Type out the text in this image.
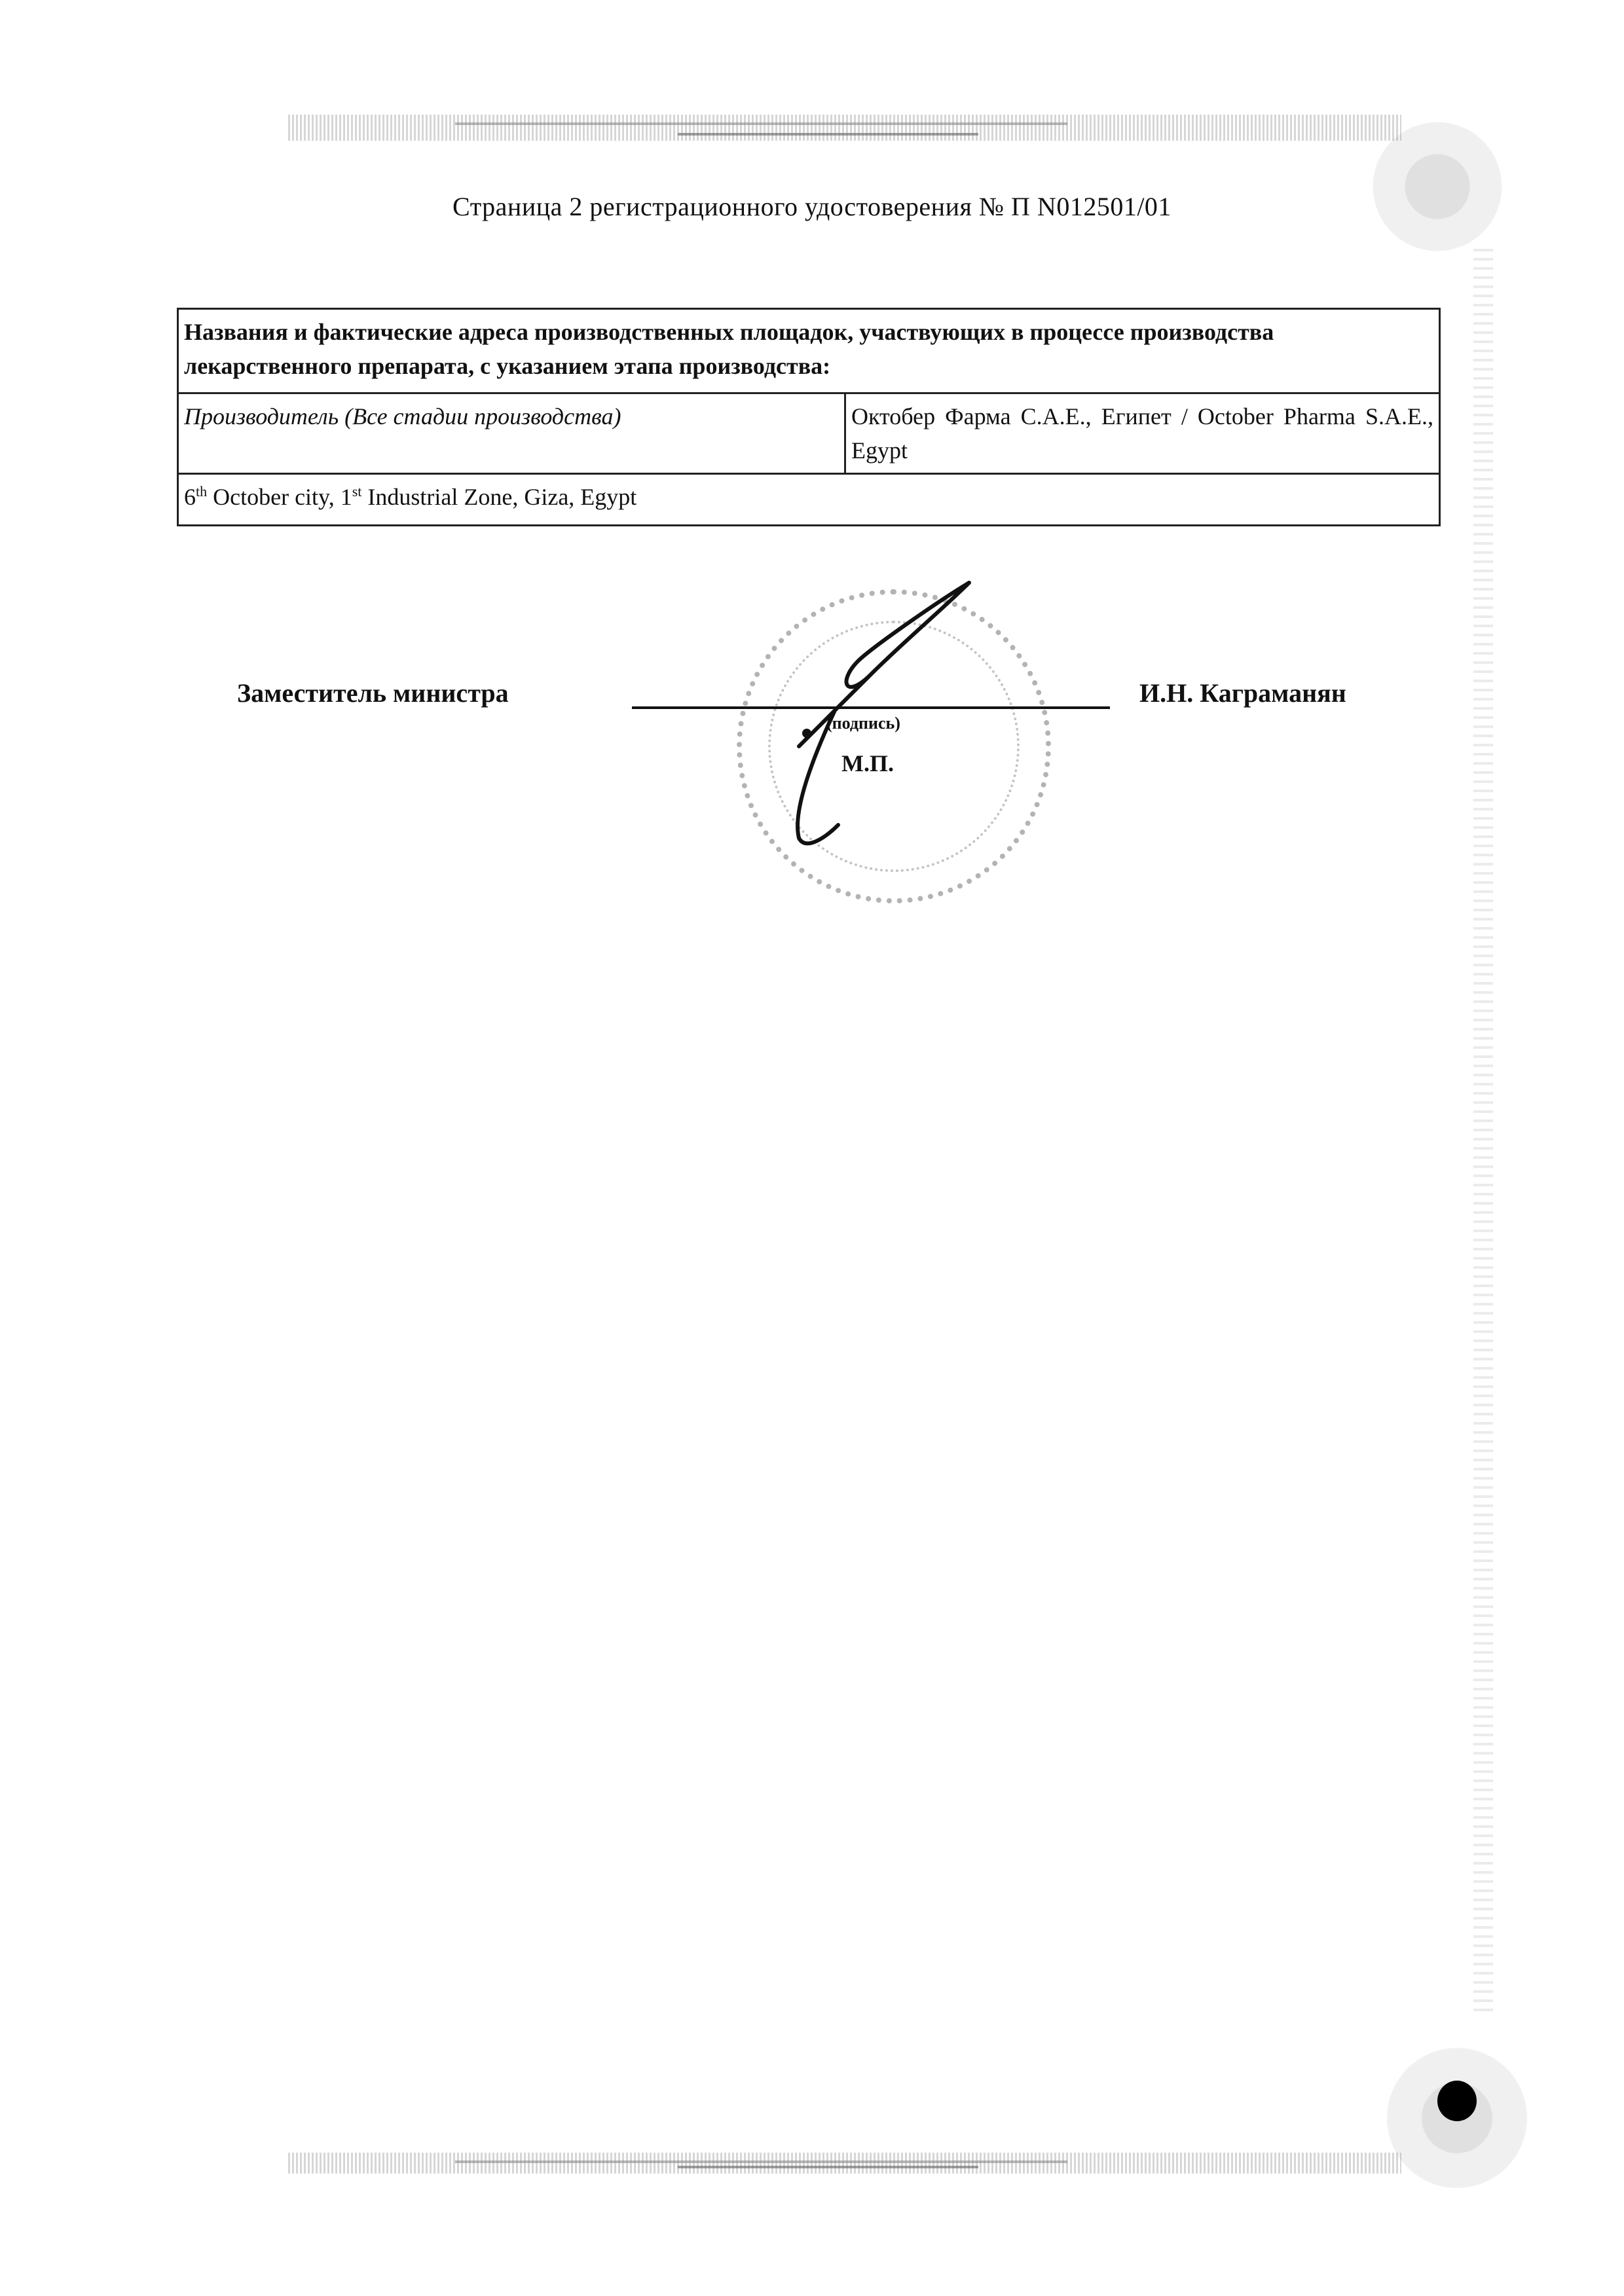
Страница 2 регистрационного удостоверения № П N012501/01
Названия и фактические адреса производственных площадок, участвующих в процессе производства лекарственного препарата, с указанием этапа производства:
Производитель (Все стадии производства)	Октобер Фарма С.А.Е., Египет / October Pharma S.A.E., Egypt
6th October city, 1st Industrial Zone, Giza, Egypt
Заместитель министра	И.Н. Каграманян
(подпись)
М.П.
